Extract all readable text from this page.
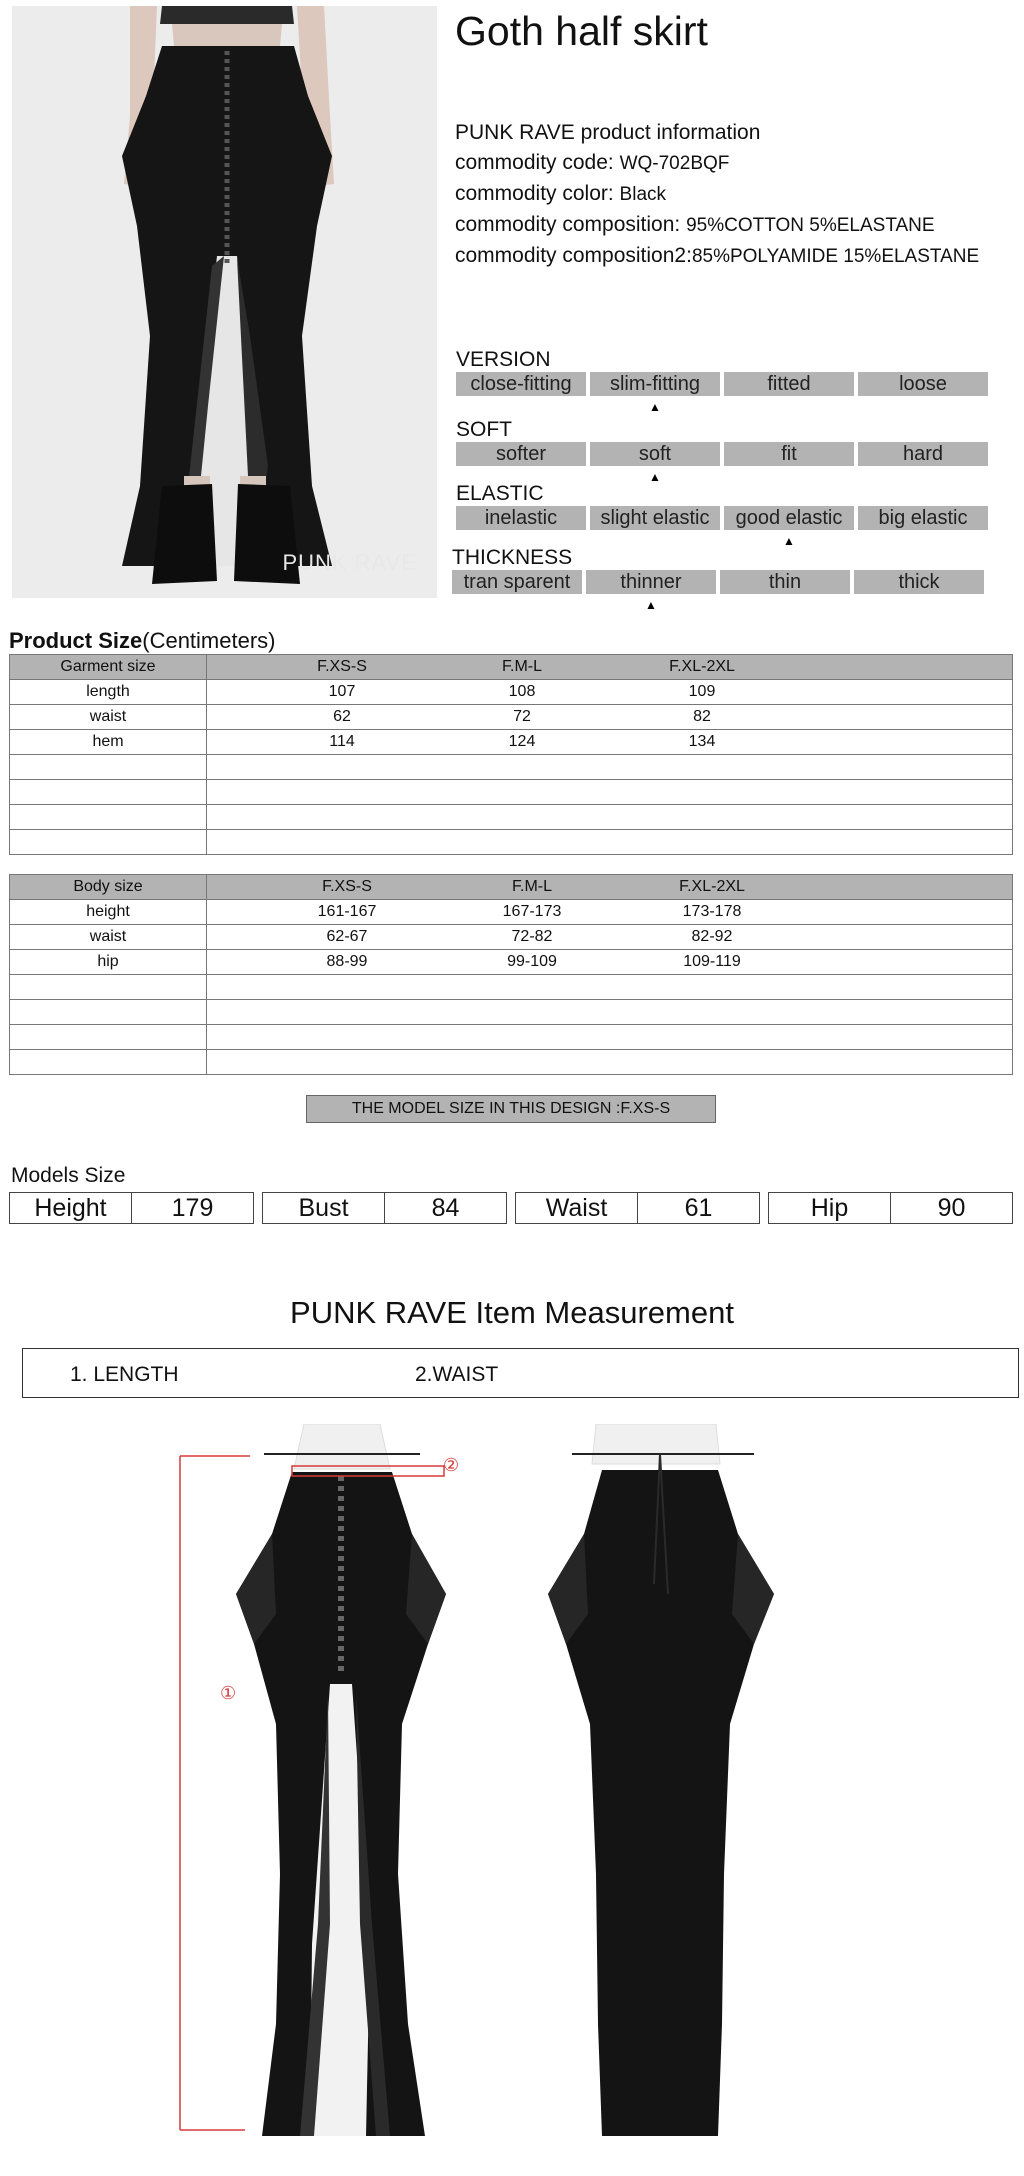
PUNK RAVE
Goth half skirt
PUNK RAVE product information
commodity code: WQ-702BQF
commodity color: Black
commodity composition: 95%COTTON 5%ELASTANE
commodity composition2:85%POLYAMIDE 15%ELASTANE
VERSION
close-fitting	slim-fitting
▲
fitted	loose
SOFT
softer	soft
▲
fit	hard
ELASTIC
inelastic	slight elastic	good elastic
▲
big elastic
THICKNESS
tran sparent	thinner
▲
thin	thick
Product Size(Centimeters)
Garment size	F.XS-S F.M-L F.XL-2XL

length	107 108 109

waist	62 72 82

hem	114 124 134

Body size	F.XS-S F.M-L F.XL-2XL

height	161-167 167-173 173-178

waist	62-67 72-82 82-92

hip	88-99 99-109 109-119

THE MODEL SIZE IN THIS DESIGN :F.XS-S
Models Size
Height	179	Bust	84	Waist	61	Hip	90
PUNK RAVE Item Measurement
1. LENGTH	2.WAIST
①
②
